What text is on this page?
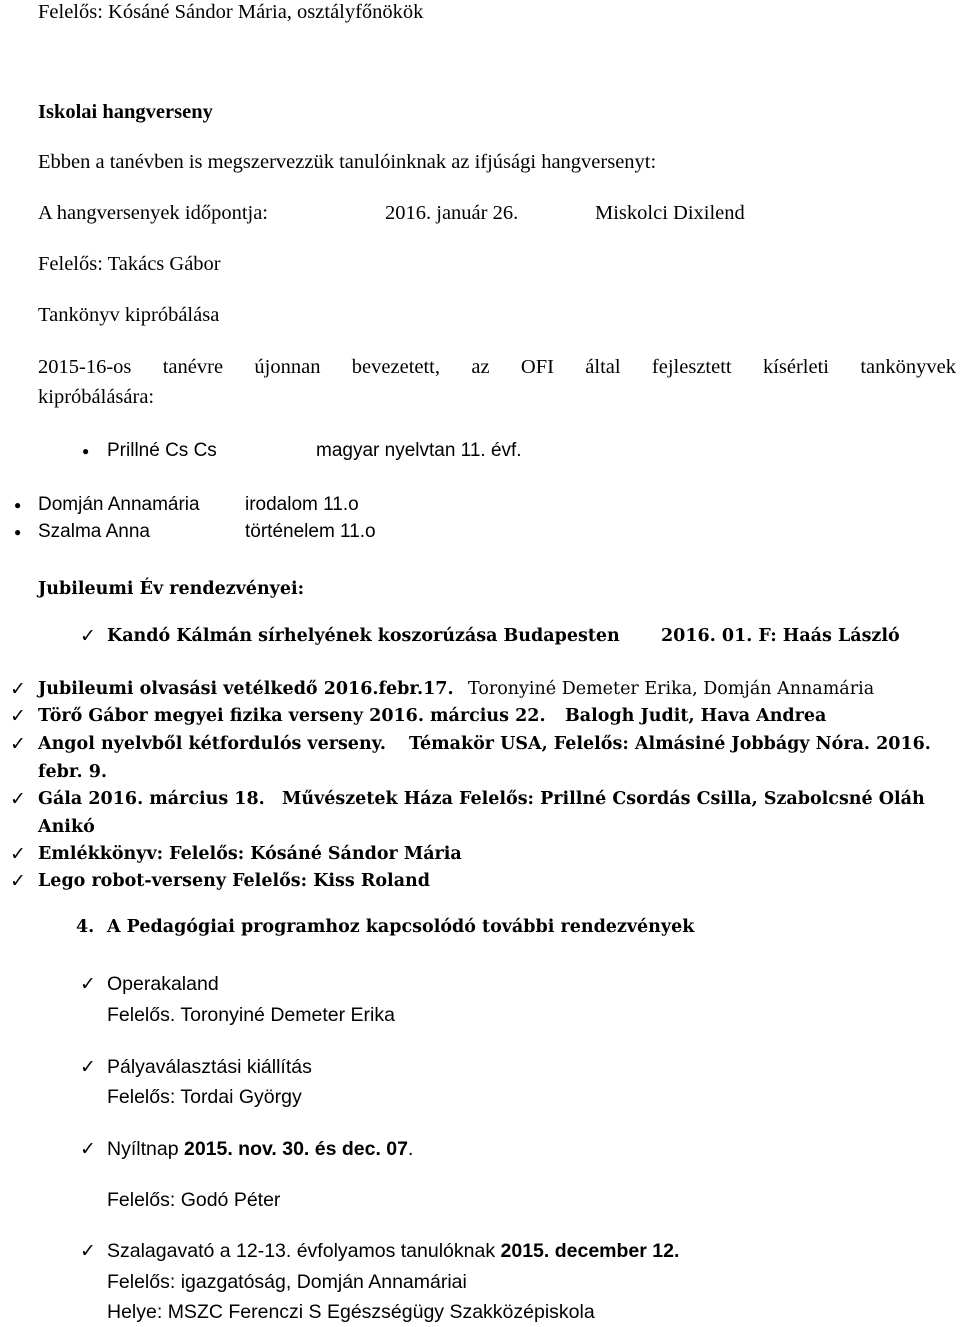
Felelős: Kósáné Sándor Mária, osztályfőnökök
Iskolai hangverseny
Ebben a tanévben is megszervezzük tanulóinknak az ifjúsági hangversenyt:
A hangversenyek időpontja:	2016. január 26.	Miskolci Dixilend
Felelős: Takács Gábor
Tankönyv kipróbálása
2015-16-os tanévre újonnan bevezetett, az OFI által fejlesztett kísérleti tankönyvek
kipróbálására:
● Prillné Cs Cs	magyar nyelvtan 11. évf.
● Domján Annamária irodalom 11.o
● Szalma Anna	történelem 11.o
Jubileumi Év rendezvényei:
✓ Kandó Kálmán sírhelyének koszorúzása Budapesten 2016. 01. F: Haás László
✓ Jubileumi olvasási vetélkedő 2016.febr.17. Toronyiné Demeter Erika, Domján Annamária
✓ Törő Gábor megyei fizika verseny 2016. március 22. Balogh Judit, Hava Andrea
✓ Angol nyelvből kétfordulós verseny. Témakör USA, Felelős: Almásiné Jobbágy Nóra. 2016.
febr. 9.
✓ Gála 2016. március 18. Művészetek Háza Felelős: Prillné Csordás Csilla, Szabolcsné Oláh
Anikó
✓ Emlékkönyv: Felelős: Kósáné Sándor Mária
✓ Lego robot-verseny Felelős: Kiss Roland
4. A Pedagógiai programhoz kapcsolódó további rendezvények
✓ Operakaland
Felelős. Toronyiné Demeter Erika
✓ Pályaválasztási kiállítás
Felelős: Tordai György
✓ Nyíltnap 2015. nov. 30. és dec. 07.
Felelős: Godó Péter
✓ Szalagavató a 12-13. évfolyamos tanulóknak 2015. december 12.
Felelős: igazgatóság, Domján Annamáriai
Helye: MSZC Ferenczi S Egészségügy Szakközépiskola
